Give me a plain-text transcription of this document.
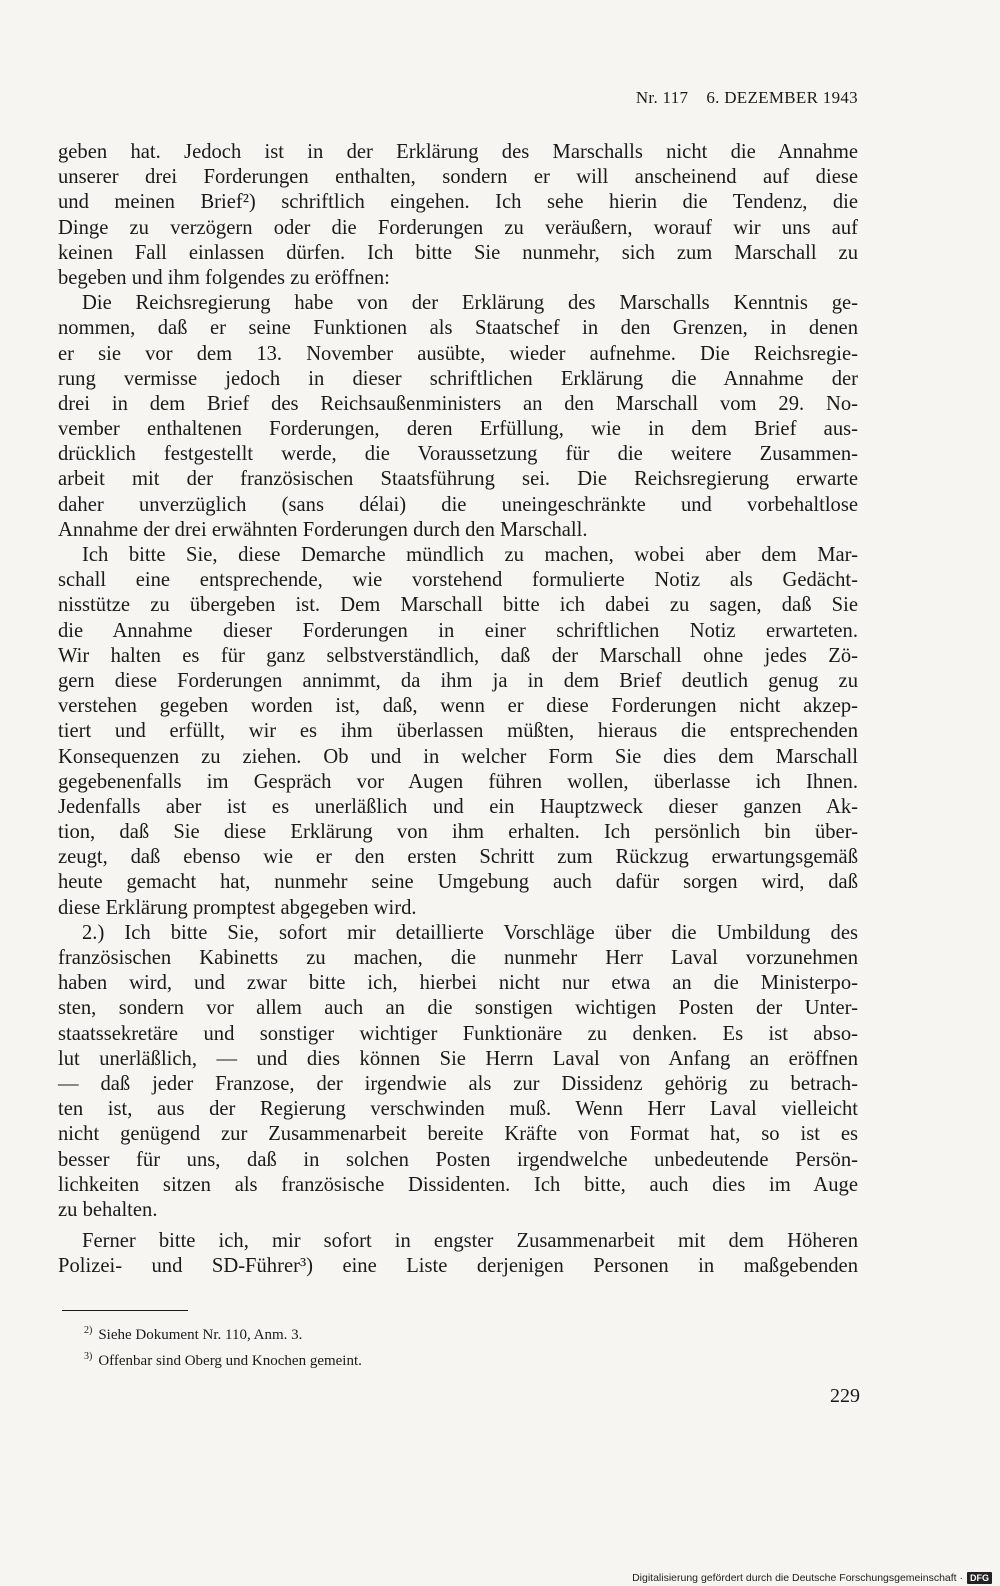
Nr. 117 6. DEZEMBER 1943
geben hat. Jedoch ist in der Erklärung des Marschalls nicht die Annahme
unserer drei Forderungen enthalten, sondern er will anscheinend auf diese
und meinen Brief²) schriftlich eingehen. Ich sehe hierin die Tendenz, die
Dinge zu verzögern oder die Forderungen zu veräußern, worauf wir uns auf
keinen Fall einlassen dürfen. Ich bitte Sie nunmehr, sich zum Marschall zu
begeben und ihm folgendes zu eröffnen:
Die Reichsregierung habe von der Erklärung des Marschalls Kenntnis ge-
nommen, daß er seine Funktionen als Staatschef in den Grenzen, in denen
er sie vor dem 13. November ausübte, wieder aufnehme. Die Reichsregie-
rung vermisse jedoch in dieser schriftlichen Erklärung die Annahme der
drei in dem Brief des Reichsaußenministers an den Marschall vom 29. No-
vember enthaltenen Forderungen, deren Erfüllung, wie in dem Brief aus-
drücklich festgestellt werde, die Voraussetzung für die weitere Zusammen-
arbeit mit der französischen Staatsführung sei. Die Reichsregierung erwarte
daher unverzüglich (sans délai) die uneingeschränkte und vorbehaltlose
Annahme der drei erwähnten Forderungen durch den Marschall.
Ich bitte Sie, diese Demarche mündlich zu machen, wobei aber dem Mar-
schall eine entsprechende, wie vorstehend formulierte Notiz als Gedächt-
nisstütze zu übergeben ist. Dem Marschall bitte ich dabei zu sagen, daß Sie
die Annahme dieser Forderungen in einer schriftlichen Notiz erwarteten.
Wir halten es für ganz selbstverständlich, daß der Marschall ohne jedes Zö-
gern diese Forderungen annimmt, da ihm ja in dem Brief deutlich genug zu
verstehen gegeben worden ist, daß, wenn er diese Forderungen nicht akzep-
tiert und erfüllt, wir es ihm überlassen müßten, hieraus die entsprechenden
Konsequenzen zu ziehen. Ob und in welcher Form Sie dies dem Marschall
gegebenenfalls im Gespräch vor Augen führen wollen, überlasse ich Ihnen.
Jedenfalls aber ist es unerläßlich und ein Hauptzweck dieser ganzen Ak-
tion, daß Sie diese Erklärung von ihm erhalten. Ich persönlich bin über-
zeugt, daß ebenso wie er den ersten Schritt zum Rückzug erwartungsgemäß
heute gemacht hat, nunmehr seine Umgebung auch dafür sorgen wird, daß
diese Erklärung promptest abgegeben wird.
2.) Ich bitte Sie, sofort mir detaillierte Vorschläge über die Umbildung des
französischen Kabinetts zu machen, die nunmehr Herr Laval vorzunehmen
haben wird, und zwar bitte ich, hierbei nicht nur etwa an die Ministerpo-
sten, sondern vor allem auch an die sonstigen wichtigen Posten der Unter-
staatssekretäre und sonstiger wichtiger Funktionäre zu denken. Es ist abso-
lut unerläßlich, — und dies können Sie Herrn Laval von Anfang an eröffnen
— daß jeder Franzose, der irgendwie als zur Dissidenz gehörig zu betrach-
ten ist, aus der Regierung verschwinden muß. Wenn Herr Laval vielleicht
nicht genügend zur Zusammenarbeit bereite Kräfte von Format hat, so ist es
besser für uns, daß in solchen Posten irgendwelche unbedeutende Persön-
lichkeiten sitzen als französische Dissidenten. Ich bitte, auch dies im Auge
zu behalten.
Ferner bitte ich, mir sofort in engster Zusammenarbeit mit dem Höheren
Polizei- und SD-Führer³) eine Liste derjenigen Personen in maßgebenden
$^{2)}$ Siehe Dokument Nr. 110, Anm. 3.
$^{3)}$ Offenbar sind Oberg und Knochen gemeint.
229
Digitalisierung gefördert durch die Deutsche Forschungsgemeinschaft · DFG
